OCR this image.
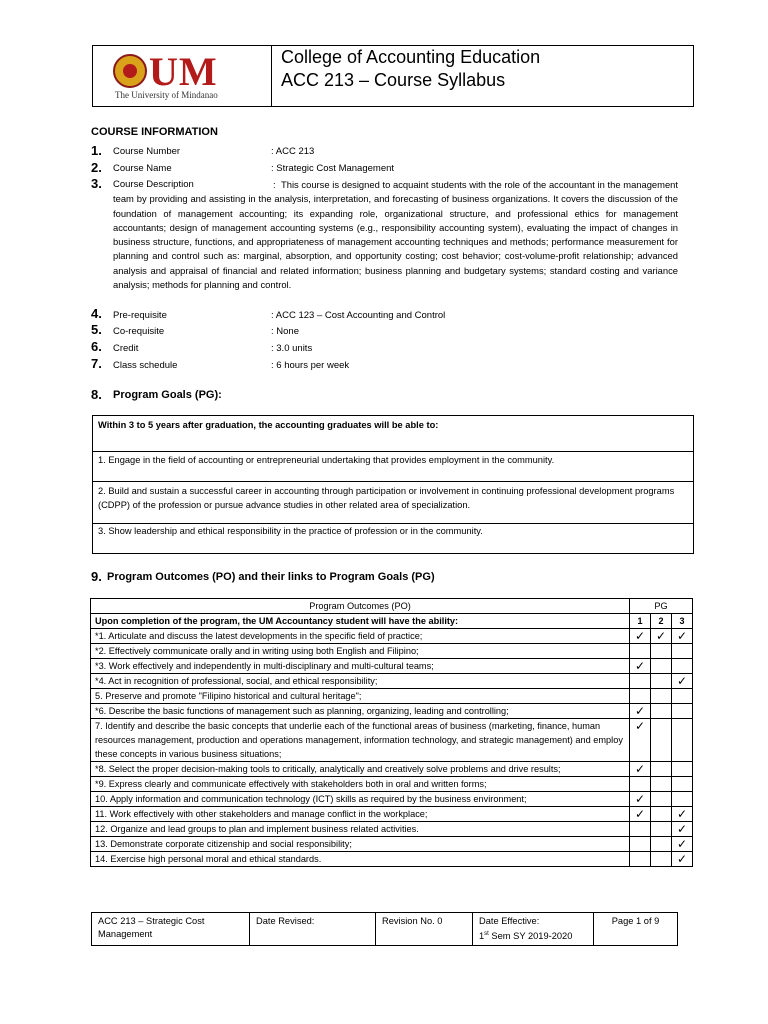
UM
The University of Mindanao
College of Accounting Education
ACC 213 – Course Syllabus
COURSE INFORMATION
1. Course Number	: ACC 213
2. Course Name	: Strategic Cost Management
3. Course Description	: This course is designed to acquaint students with the role of the accountant in the management team by providing and assisting in the analysis, interpretation, and forecasting of business organizations. It covers the discussion of the foundation of management accounting; its expanding role, organizational structure, and professional ethics for management accountants; design of management accounting systems (e.g., responsibility accounting system), evaluating the impact of changes in business structure, functions, and appropriateness of management accounting techniques and methods; performance measurement for planning and control such as: marginal, absorption, and opportunity costing; cost behavior; cost-volume-profit relationship; advanced analysis and appraisal of financial and related information; business planning and budgetary systems; standard costing and variance analysis; methods for planning and control.
4. Pre-requisite	: ACC 123 – Cost Accounting and Control
5. Co-requisite	: None
6. Credit	: 3.0 units
7. Class schedule	: 6 hours per week
8. Program Goals (PG):
Within 3 to 5 years after graduation, the accounting graduates will be able to:
1. Engage in the field of accounting or entrepreneurial undertaking that provides employment in the community.
2. Build and sustain a successful career in accounting through participation or involvement in continuing professional development programs (CDPP) of the profession or pursue advance studies in other related area of specialization.
3. Show leadership and ethical responsibility in the practice of profession or in the community.
9. Program Outcomes (PO) and their links to Program Goals (PG)
Program Outcomes (PO)	PG		
Upon completion of the program, the UM Accountancy student will have the ability:	1	2	3
*1. Articulate and discuss the latest developments in the specific field of practice;	✓	✓	✓
*2. Effectively communicate orally and in writing using both English and Filipino;			
*3. Work effectively and independently in multi-disciplinary and multi-cultural teams;	✓		
*4. Act in recognition of professional, social, and ethical responsibility;			✓
5. Preserve and promote "Filipino historical and cultural heritage";			
*6. Describe the basic functions of management such as planning, organizing, leading and controlling;	✓		
7. Identify and describe the basic concepts that underlie each of the functional areas of business (marketing, finance, human resources management, production and operations management, information technology, and strategic management) and employ these concepts in various business situations;	✓		
*8. Select the proper decision-making tools to critically, analytically and creatively solve problems and drive results;	✓		
*9. Express clearly and communicate effectively with stakeholders both in oral and written forms;			
10. Apply information and communication technology (ICT) skills as required by the business environment;	✓		
11. Work effectively with other stakeholders and manage conflict in the workplace;	✓		✓
12. Organize and lead groups to plan and implement business related activities.			✓
13. Demonstrate corporate citizenship and social responsibility;			✓
14. Exercise high personal moral and ethical standards.			✓
ACC 213 – Strategic Cost Management	Date Revised:	Revision No. 0	Date Effective:
1st Sem SY 2019-2020	Page 1 of 9
